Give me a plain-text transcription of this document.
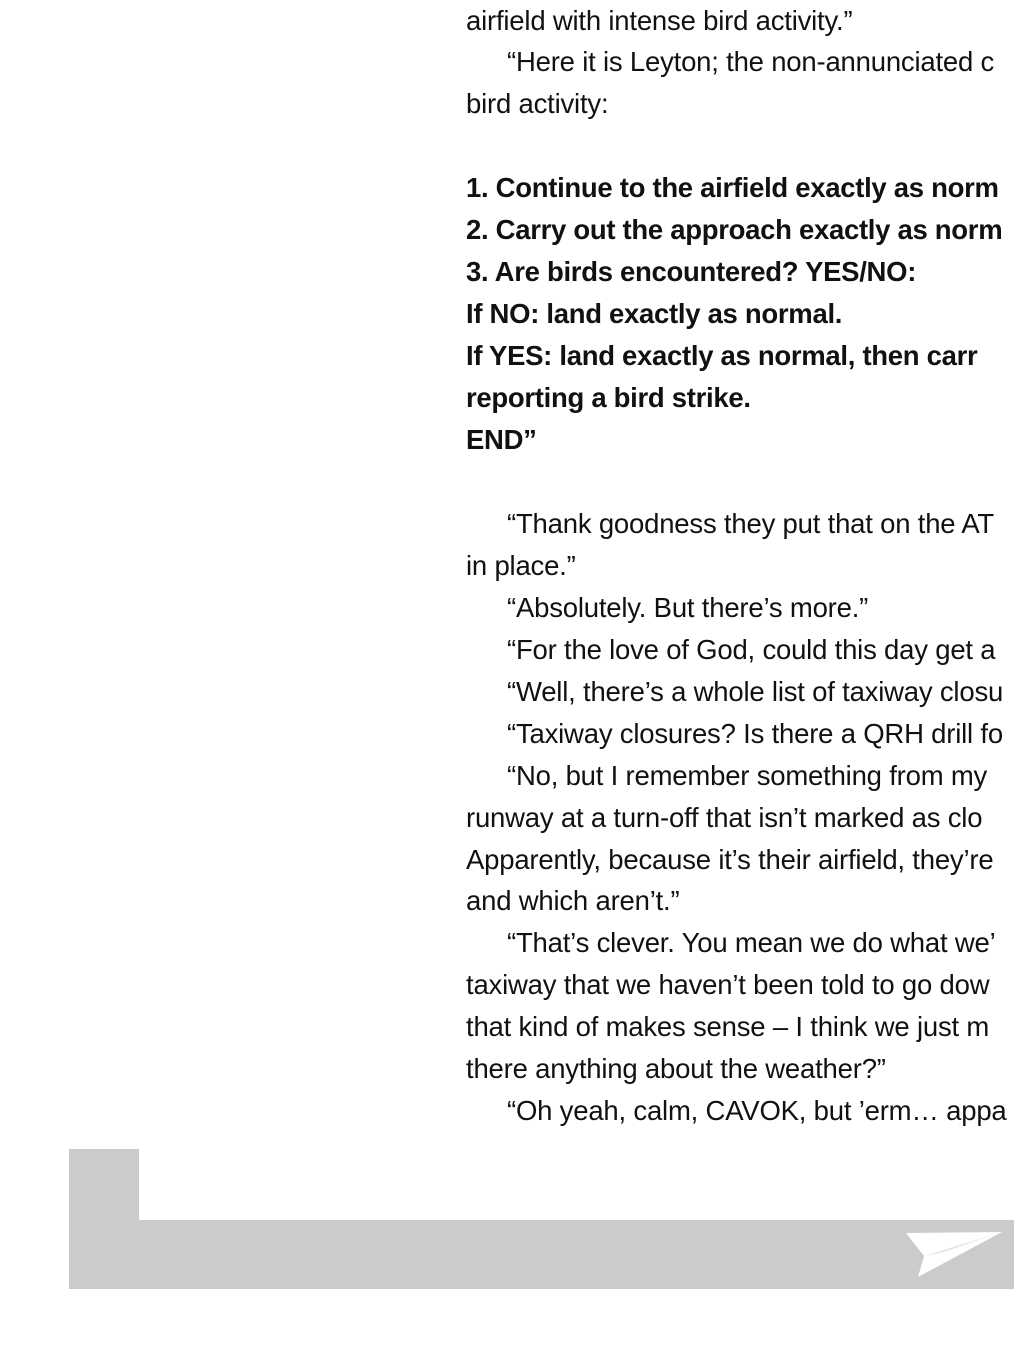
airfield with intense bird activity.”
“Here it is Leyton; the non-annunciated c
bird activity:
1. Continue to the airfield exactly as norm
2. Carry out the approach exactly as norm
3. Are birds encountered? YES/NO:
If NO: land exactly as normal.
If YES: land exactly as normal, then carr
reporting a bird strike.
END”
“Thank goodness they put that on the AT
in place.”
“Absolutely. But there’s more.”
“For the love of God, could this day get a
“Well, there’s a whole list of taxiway closu
“Taxiway closures? Is there a QRH drill fo
“No, but I remember something from my
runway at a turn-off that isn’t marked as clo
Apparently, because it’s their airfield, they’re
and which aren’t.”
“That’s clever. You mean we do what we’
taxiway that we haven’t been told to go dow
that kind of makes sense – I think we just m
there anything about the weather?”
“Oh yeah, calm, CAVOK, but ’erm… appa
